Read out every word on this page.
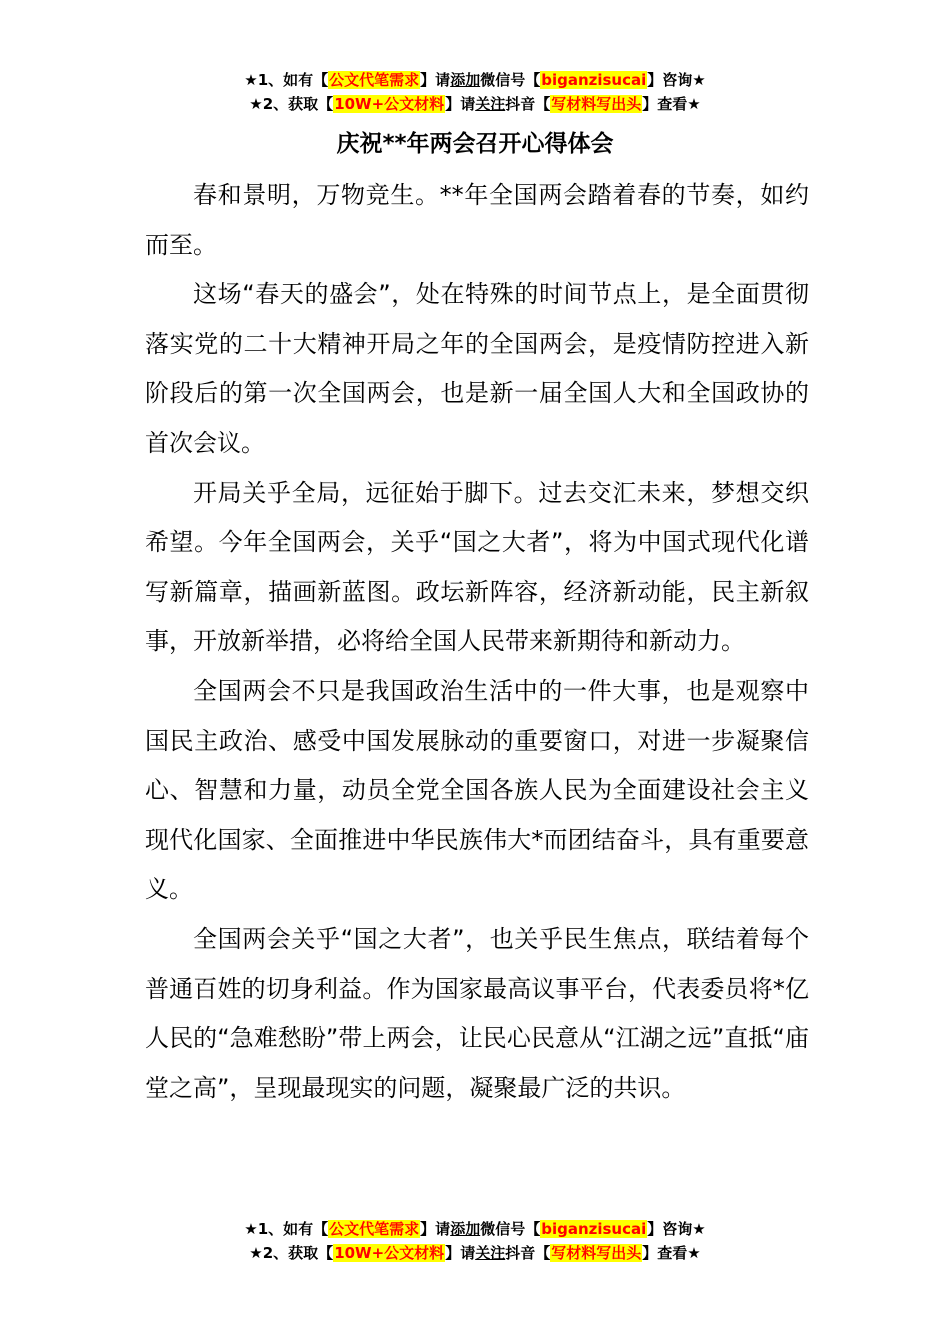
★1、如有【公文代笔需求】请添加微信号【biganzisucai】咨询★
★2、获取【10W+公文材料】请关注抖音【写材料写出头】查看★
庆祝**年两会召开心得体会

春和景明，万物竞生。**年全国两会踏着春的节奏，如约而至。

这场“春天的盛会”，处在特殊的时间节点上，是全面贯彻落实党的二十大精神开局之年的全国两会，是疫情防控进入新阶段后的第一次全国两会，也是新一届全国人大和全国政协的首次会议。

开局关乎全局，远征始于脚下。过去交汇未来，梦想交织希望。今年全国两会，关乎“国之大者”，将为中国式现代化谱写新篇章，描画新蓝图。政坛新阵容，经济新动能，民主新叙事，开放新举措，必将给全国人民带来新期待和新动力。

全国两会不只是我国政治生活中的一件大事，也是观察中国民主政治、感受中国发展脉动的重要窗口，对进一步凝聚信心、智慧和力量，动员全党全国各族人民为全面建设社会主义现代化国家、全面推进中华民族伟大*而团结奋斗，具有重要意义。

全国两会关乎“国之大者”，也关乎民生焦点，联结着每个普通百姓的切身利益。作为国家最高议事平台，代表委员将*亿人民的“急难愁盼”带上两会，让民心民意从“江湖之远”直抵“庙堂之高”，呈现最现实的问题，凝聚最广泛的共识。

★1、如有【公文代笔需求】请添加微信号【biganzisucai】咨询★
★2、获取【10W+公文材料】请关注抖音【写材料写出头】查看★
